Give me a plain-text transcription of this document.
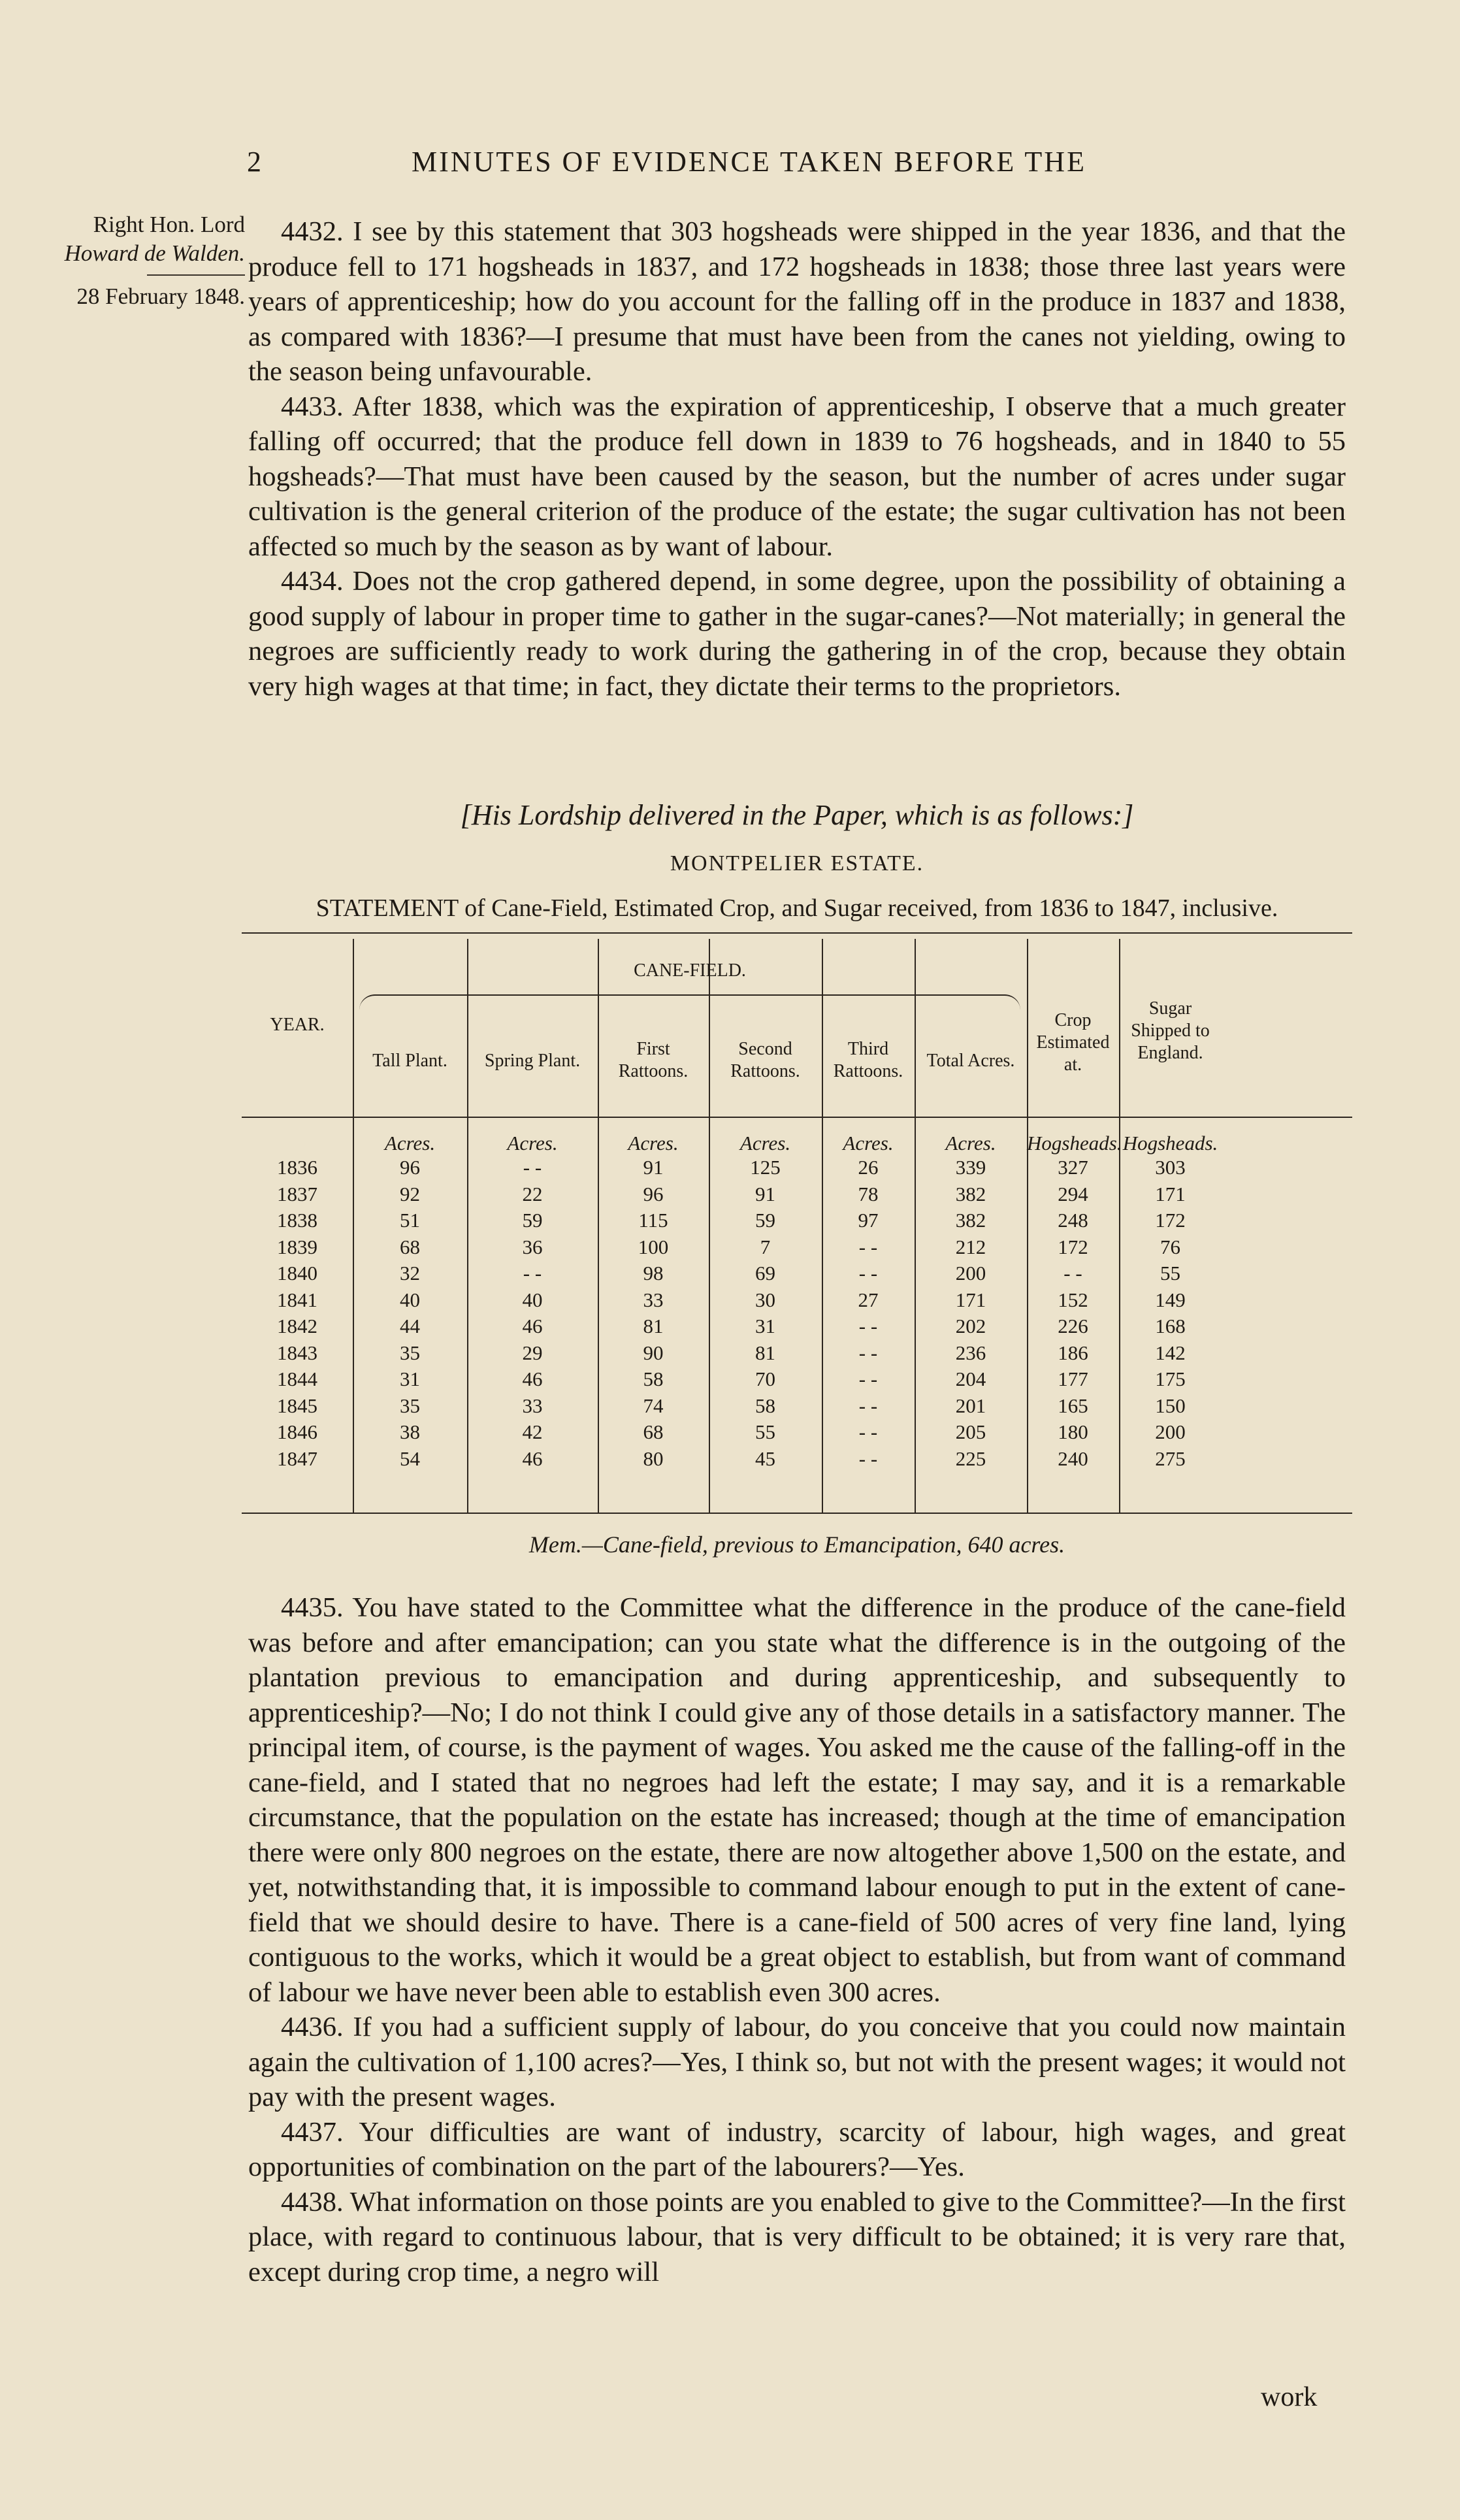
2	MINUTES OF EVIDENCE TAKEN BEFORE THE
Right Hon. Lord
Howard de Walden.
28 February 1848.

4432. I see by this statement that 303 hogsheads were shipped in the year 1836, and that the produce fell to 171 hogsheads in 1837, and 172 hogsheads in 1838; those three last years were years of apprenticeship; how do you account for the falling off in the produce in 1837 and 1838, as compared with 1836?—I presume that must have been from the canes not yielding, owing to the season being unfavourable.

4433. After 1838, which was the expiration of apprenticeship, I observe that a much greater falling off occurred; that the produce fell down in 1839 to 76 hogsheads, and in 1840 to 55 hogsheads?—That must have been caused by the season, but the number of acres under sugar cultivation is the general criterion of the produce of the estate; the sugar cultivation has not been affected so much by the season as by want of labour.

4434. Does not the crop gathered depend, in some degree, upon the possibility of obtaining a good supply of labour in proper time to gather in the sugar-canes?—Not materially; in general the negroes are sufficiently ready to work during the gathering in of the crop, because they obtain very high wages at that time; in fact, they dictate their terms to the proprietors.

[His Lordship delivered in the Paper, which is as follows:]
MONTPELIER ESTATE.
STATEMENT of Cane-Field, Estimated Crop, and Sugar received, from 1836 to 1847, inclusive.
YEAR.
CANE-FIELD.
Tall Plant.	Spring Plant.
First Rattoons.
Second Rattoons.
Third Rattoons.
Total Acres.
Crop Estimated at.
Sugar Shipped to England.
Acres.	Acres.	Acres.	Acres.	Acres.	Acres.	Hogsheads. Hogsheads.
1836	96	- -	91	125	26	339	327	303
1837	92	22	96	91	78	382	294	171
1838	51	59	115	59	97	382	248	172
1839	68	36	100	7	- -	212	172	76
1840	32	- -	98	69	- -	200	- -	55
1841	40	40	33	30	27	171	152	149
1842	44	46	81	31	- -	202	226	168
1843	35	29	90	81	- -	236	186	142
1844	31	46	58	70	- -	204	177	175
1845	35	33	74	58	- -	201	165	150
1846	38	42	68	55	- -	205	180	200
1847	54	46	80	45	- -	225	240	275
Mem.—Cane-field, previous to Emancipation, 640 acres.

4435. You have stated to the Committee what the difference in the produce of the cane-field was before and after emancipation; can you state what the difference is in the outgoing of the plantation previous to emancipation and during apprenticeship, and subsequently to apprenticeship?—No; I do not think I could give any of those details in a satisfactory manner. The principal item, of course, is the payment of wages. You asked me the cause of the falling-off in the cane-field, and I stated that no negroes had left the estate; I may say, and it is a remarkable circumstance, that the population on the estate has increased; though at the time of emancipation there were only 800 negroes on the estate, there are now altogether above 1,500 on the estate, and yet, notwithstanding that, it is impossible to command labour enough to put in the extent of cane-field that we should desire to have. There is a cane-field of 500 acres of very fine land, lying contiguous to the works, which it would be a great object to establish, but from want of command of labour we have never been able to establish even 300 acres.

4436. If you had a sufficient supply of labour, do you conceive that you could now maintain again the cultivation of 1,100 acres?—Yes, I think so, but not with the present wages; it would not pay with the present wages.

4437. Your difficulties are want of industry, scarcity of labour, high wages, and great opportunities of combination on the part of the labourers?—Yes.

4438. What information on those points are you enabled to give to the Committee?—In the first place, with regard to continuous labour, that is very difficult to be obtained; it is very rare that, except during crop time, a negro will

work
